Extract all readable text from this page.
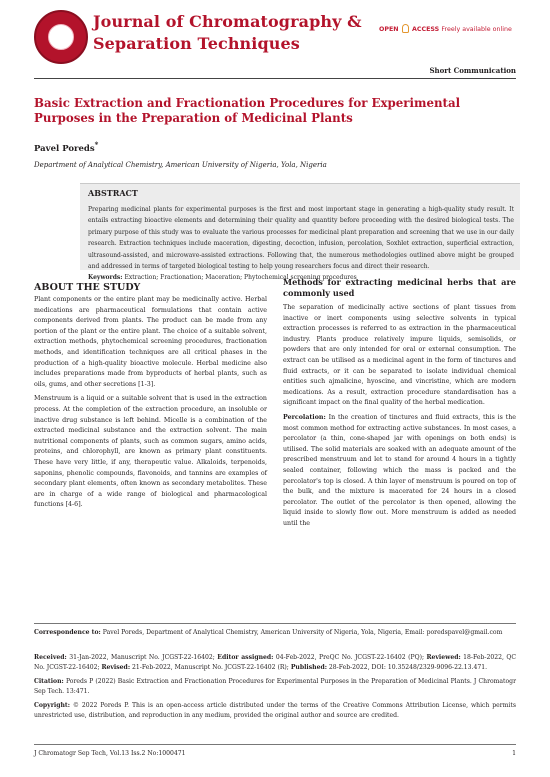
Journal of Chromatography &
Separation Techniques
OPEN ACCESS Freely available online
Short Communication
Basic Extraction and Fractionation Procedures for Experimental Purposes in the Preparation of Medicinal Plants
Pavel Poreds*
Department of Analytical Chemistry, American University of Nigeria, Yola, Nigeria
ABSTRACT
Preparing medicinal plants for experimental purposes is the first and most important stage in generating a high-quality study result. It entails extracting bioactive elements and determining their quality and quantity before proceeding with the desired biological tests. The primary purpose of this study was to evaluate the various processes for medicinal plant preparation and screening that we use in our daily research. Extraction techniques include maceration, digesting, decoction, infusion, percolation, Soxhlet extraction, superficial extraction, ultrasound-assisted, and microwave-assisted extractions. Following that, the numerous methodologies outlined above might be grouped and addressed in terms of targeted biological testing to help young researchers focus and direct their research.
Keywords: Extraction; Fractionation; Maceration; Phytochemical screening procedures
ABOUT THE STUDY

Plant components or the entire plant may be medicinally active. Herbal medications are pharmaceutical formulations that contain active components derived from plants. The product can be made from any portion of the plant or the entire plant. The choice of a suitable solvent, extraction methods, phytochemical screening procedures, fractionation methods, and identification techniques are all critical phases in the production of a high-quality bioactive molecule. Herbal medicine also includes preparations made from byproducts of herbal plants, such as oils, gums, and other secretions [1-3].

Menstruum is a liquid or a suitable solvent that is used in the extraction process. At the completion of the extraction procedure, an insoluble or inactive drug substance is left behind. Micelle is a combination of the extracted medicinal substance and the extraction solvent. The main nutritional components of plants, such as common sugars, amino acids, proteins, and chlorophyll, are known as primary plant constituents. These have very little, if any, therapeutic value. Alkaloids, terpenoids, saponins, phenolic compounds, flavonoids, and tannins are examples of secondary plant elements, often known as secondary metabolites. These are in charge of a wide range of biological and pharmacological functions [4-6].

Methods for extracting medicinal herbs that are commonly used

The separation of medicinally active sections of plant tissues from inactive or inert components using selective solvents in typical extraction processes is referred to as extraction in the pharmaceutical industry. Plants produce relatively impure liquids, semisolids, or powders that are only intended for oral or external consumption. The extract can be utilised as a medicinal agent in the form of tinctures and fluid extracts, or it can be separated to isolate individual chemical entities such ajmalicine, hyoscine, and vincristine, which are modern medications. As a result, extraction procedure standardisation has a significant impact on the final quality of the herbal medication.

Percolation: In the creation of tinctures and fluid extracts, this is the most common method for extracting active substances. In most cases, a percolator (a thin, cone-shaped jar with openings on both ends) is utilised. The solid materials are soaked with an adequate amount of the prescribed menstruum and let to stand for around 4 hours in a tightly sealed container, following which the mass is packed and the percolator's top is closed. A thin layer of menstruum is poured on top of the bulk, and the mixture is macerated for 24 hours in a closed percolator. The outlet of the percolator is then opened, allowing the liquid inside to slowly flow out. More menstruum is added as needed until the

Correspondence to: Pavel Poreds, Department of Analytical Chemistry, American University of Nigeria, Yola, Nigeria, Email: poredspavel@gmail.com
Received: 31-Jan-2022, Manuscript No. JCGST-22-16402; Editor assigned: 04-Feb-2022, PreQC No. JCGST-22-16402 (PQ); Reviewed: 18-Feb-2022, QC No. JCGST-22-16402; Revised: 21-Feb-2022, Manuscript No. JCGST-22-16402 (R); Published: 28-Feb-2022, DOI: 10.35248/2329-9096-22.13.471.
Citation: Poreds P (2022) Basic Extraction and Fractionation Procedures for Experimental Purposes in the Preparation of Medicinal Plants. J Chromatogr Sep Tech. 13:471.
Copyright: © 2022 Poreds P. This is an open-access article distributed under the terms of the Creative Commons Attribution License, which permits unrestricted use, distribution, and reproduction in any medium, provided the original author and source are credited.
J Chromatogr Sep Tech, Vol.13 Iss.2 No:1000471	1
